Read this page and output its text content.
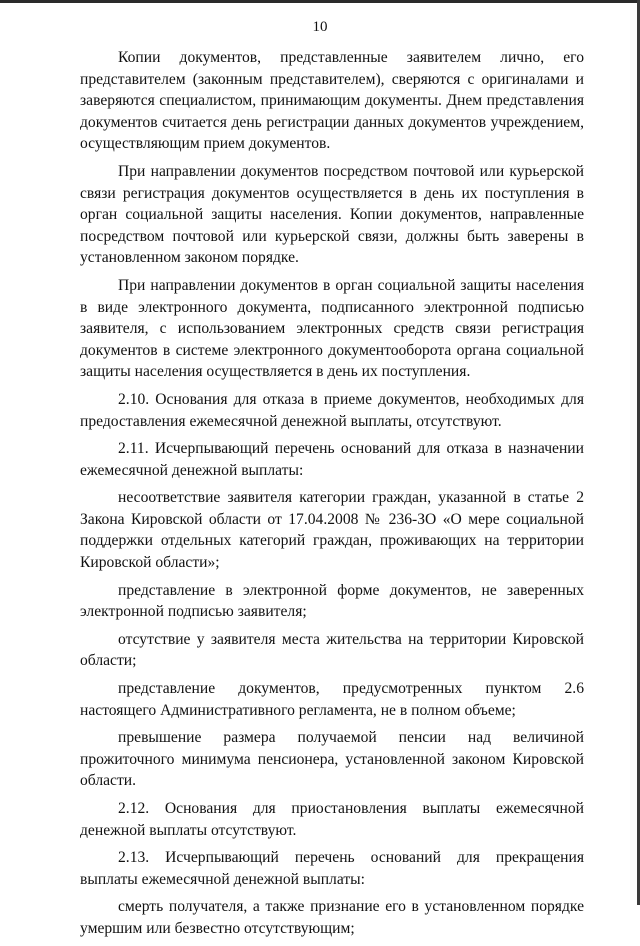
10

Копии документов, представленные заявителем лично, его представителем (законным представителем), сверяются с оригиналами и заверяются специалистом, принимающим документы. Днем представления документов считается день регистрации данных документов учреждением, осуществляющим прием документов.

При направлении документов посредством почтовой или курьерской связи регистрация документов осуществляется в день их поступления в орган социальной защиты населения. Копии документов, направленные посредством почтовой или курьерской связи, должны быть заверены в установленном законом порядке.

При направлении документов в орган социальной защиты населения в виде электронного документа, подписанного электронной подписью заявителя, с использованием электронных средств связи регистрация документов в системе электронного документооборота органа социальной защиты населения осуществляется в день их поступления.

2.10. Основания для отказа в приеме документов, необходимых для предоставления ежемесячной денежной выплаты, отсутствуют.

2.11. Исчерпывающий перечень оснований для отказа в назначении ежемесячной денежной выплаты:

несоответствие заявителя категории граждан, указанной в статье 2 Закона Кировской области от 17.04.2008 № 236-ЗО «О мере социальной поддержки отдельных категорий граждан, проживающих на территории Кировской области»;

представление в электронной форме документов, не заверенных электронной подписью заявителя;

отсутствие у заявителя места жительства на территории Кировской области;

представление документов, предусмотренных пунктом 2.6 настоящего Административного регламента, не в полном объеме;

превышение размера получаемой пенсии над величиной прожиточного минимума пенсионера, установленной законом Кировской области.

2.12. Основания для приостановления выплаты ежемесячной денежной выплаты отсутствуют.

2.13. Исчерпывающий перечень оснований для прекращения выплаты ежемесячной денежной выплаты:

смерть получателя, а также признание его в установленном порядке умершим или безвестно отсутствующим;
